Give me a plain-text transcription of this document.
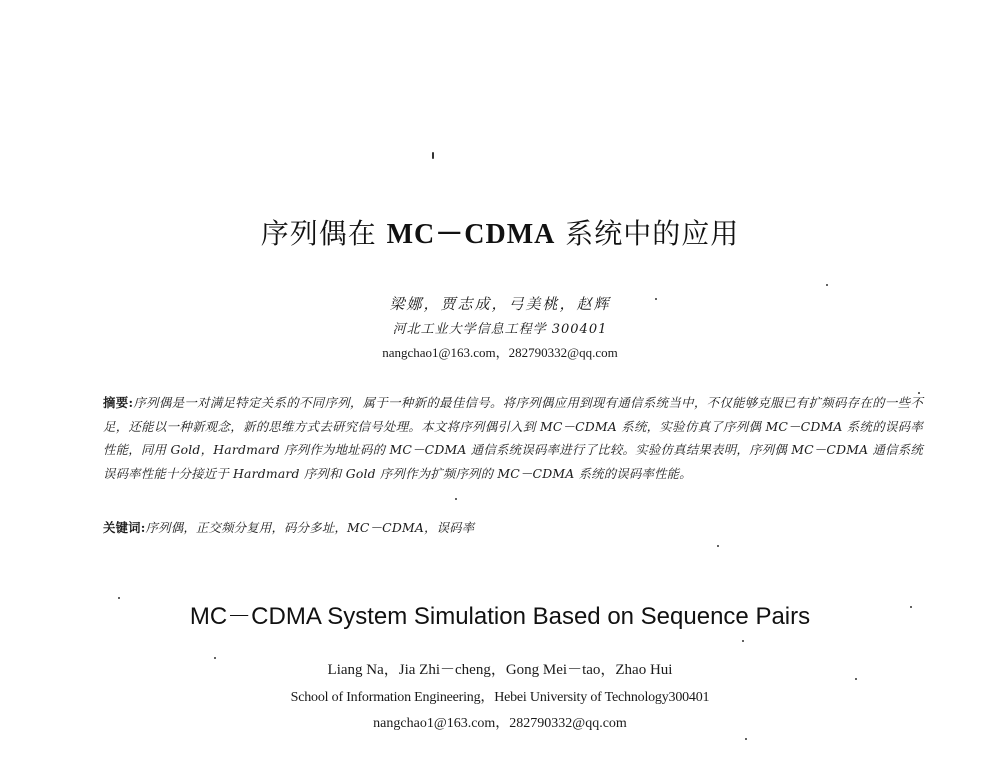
序列偶在 MC－CDMA 系统中的应用
梁娜，贾志成，弓美桃，赵辉
河北工业大学信息工程学 300401
nangchao1@163.com，282790332@qq.com
摘要:序列偶是一对满足特定关系的不同序列，属于一种新的最佳信号。将序列偶应用到现有通信系统当中，不仅能够克服已有扩频码存在的一些不足，还能以一种新观念，新的思维方式去研究信号处理。本文将序列偶引入到 MC－CDMA 系统，实验仿真了序列偶 MC－CDMA 系统的误码率性能，同用 Gold，Hardmard 序列作为地址码的 MC－CDMA 通信系统误码率进行了比较。实验仿真结果表明，序列偶 MC－CDMA 通信系统误码率性能十分接近于 Hardmard 序列和 Gold 序列作为扩频序列的 MC－CDMA 系统的误码率性能。
关键词:序列偶，正交频分复用，码分多址，MC－CDMA，误码率
MC－CDMA System Simulation Based on Sequence Pairs
Liang Na，Jia Zhi－cheng，Gong Mei－tao，Zhao Hui
School of Information Engineering，Hebei University of Technology300401
nangchao1@163.com，282790332@qq.com
